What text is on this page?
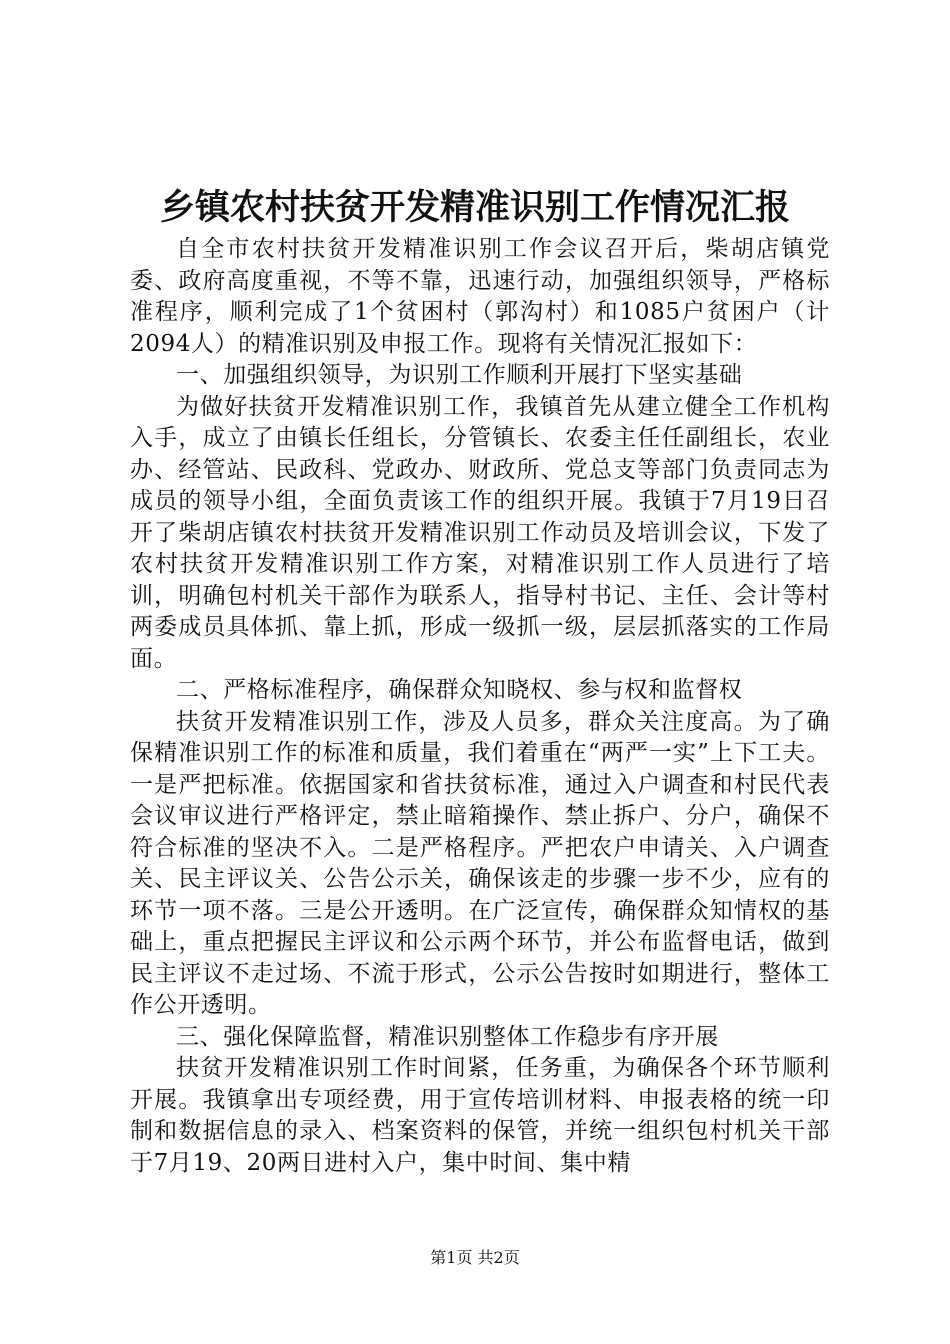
乡镇农村扶贫开发精准识别工作情况汇报

自全市农村扶贫开发精准识别工作会议召开后，柴胡店镇党委、政府高度重视，不等不靠，迅速行动，加强组织领导，严格标准程序，顺利完成了1个贫困村（郭沟村）和1085户贫困户（计2094人）的精准识别及申报工作。现将有关情况汇报如下：

一、加强组织领导，为识别工作顺利开展打下坚实基础

为做好扶贫开发精准识别工作，我镇首先从建立健全工作机构入手，成立了由镇长任组长，分管镇长、农委主任任副组长，农业办、经管站、民政科、党政办、财政所、党总支等部门负责同志为成员的领导小组，全面负责该工作的组织开展。我镇于7月19日召开了柴胡店镇农村扶贫开发精准识别工作动员及培训会议，下发了农村扶贫开发精准识别工作方案，对精准识别工作人员进行了培训，明确包村机关干部作为联系人，指导村书记、主任、会计等村两委成员具体抓、靠上抓，形成一级抓一级，层层抓落实的工作局面。

二、严格标准程序，确保群众知晓权、参与权和监督权

扶贫开发精准识别工作，涉及人员多，群众关注度高。为了确保精准识别工作的标准和质量，我们着重在“两严一实”上下工夫。一是严把标准。依据国家和省扶贫标准，通过入户调查和村民代表会议审议进行严格评定，禁止暗箱操作、禁止拆户、分户，确保不符合标准的坚决不入。二是严格程序。严把农户申请关、入户调查关、民主评议关、公告公示关，确保该走的步骤一步不少，应有的环节一项不落。三是公开透明。在广泛宣传，确保群众知情权的基础上，重点把握民主评议和公示两个环节，并公布监督电话，做到民主评议不走过场、不流于形式，公示公告按时如期进行，整体工作公开透明。

三、强化保障监督，精准识别整体工作稳步有序开展

扶贫开发精准识别工作时间紧，任务重，为确保各个环节顺利开展。我镇拿出专项经费，用于宣传培训材料、申报表格的统一印制和数据信息的录入、档案资料的保管，并统一组织包村机关干部于7月19、20两日进村入户，集中时间、集中精

第1页 共2页
